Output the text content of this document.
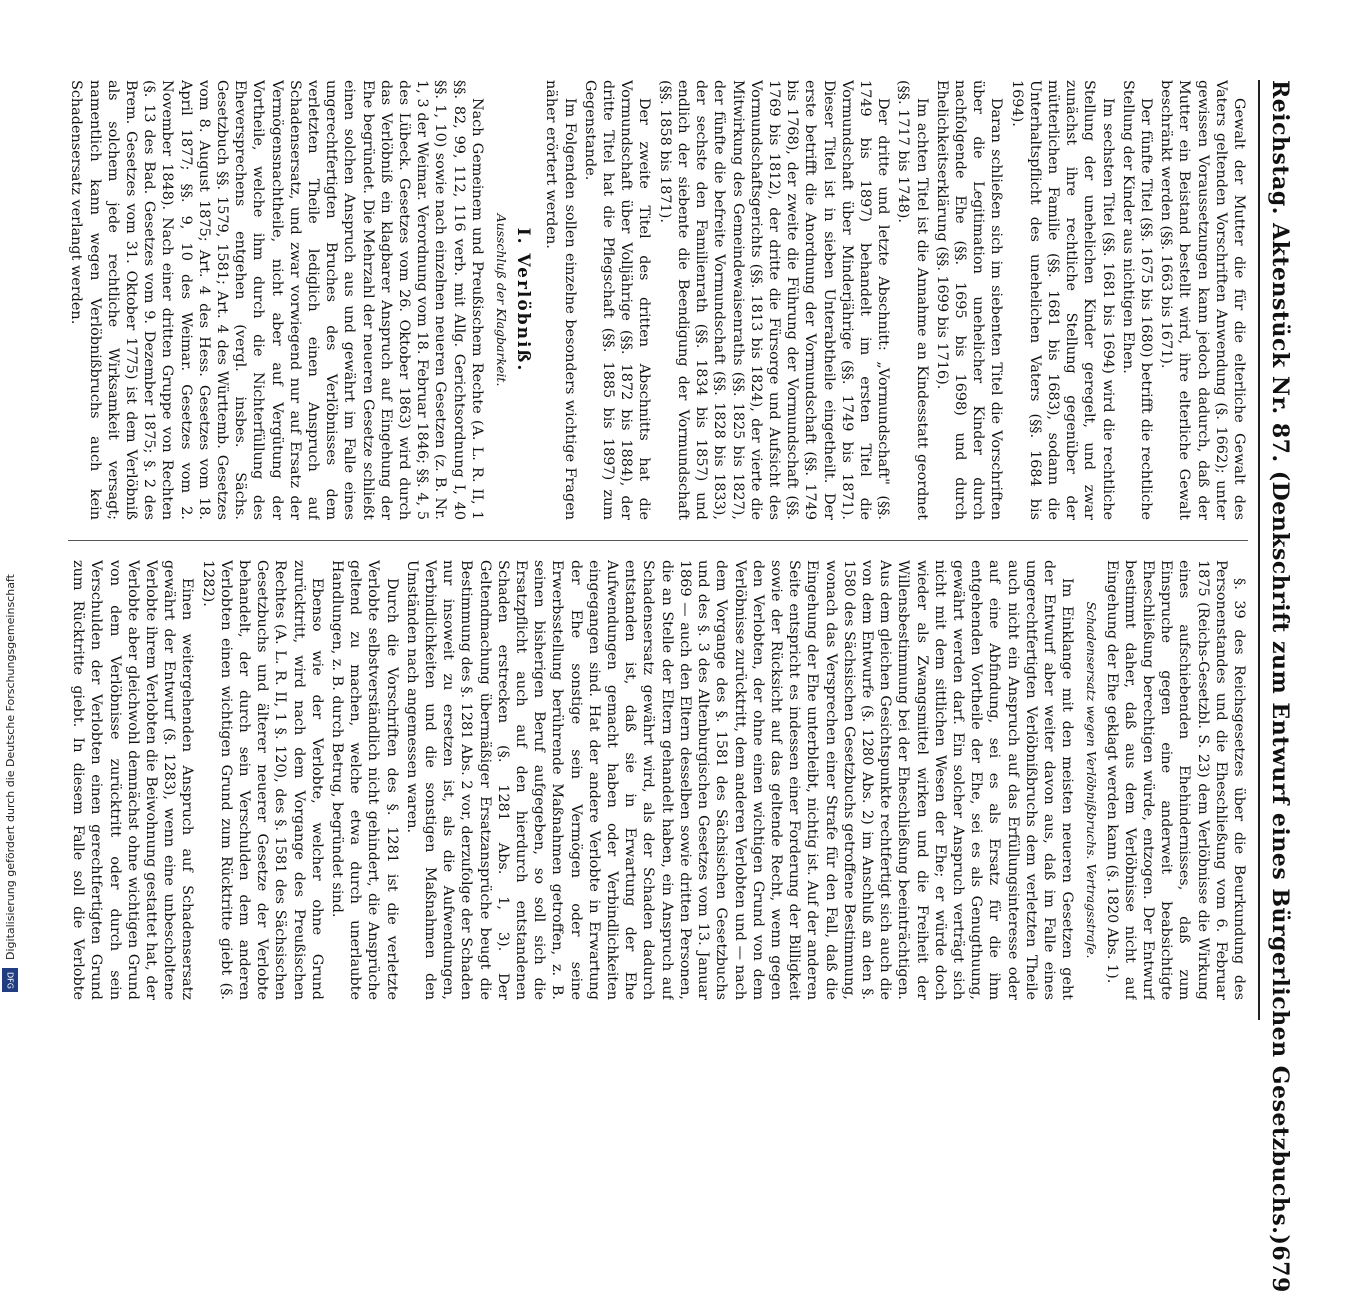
DFG
Digitalisierung gefördert durch die Deutsche Forschungsgemeinschaft	Reichstag. Aktenstück Nr. 87. (Denkschrift zum Entwurf eines Bürgerlichen Gesetzbuchs.)
679

Gewalt der Mutter die für die elterliche Gewalt des Vaters geltenden Vorschriften Anwendung (§. 1662); unter gewissen Voraussetzungen kann jedoch dadurch, daß der Mutter ein Beistand bestellt wird, ihre elterliche Gewalt beschränkt werden (§§. 1663 bis 1671).

Der fünfte Titel (§§. 1675 bis 1680) betrifft die rechtliche Stellung der Kinder aus nichtigen Ehen.

Im sechsten Titel (§§. 1681 bis 1694) wird die rechtliche Stellung der unehelichen Kinder geregelt, und zwar zunächst ihre rechtliche Stellung gegenüber der mütterlichen Familie (§§. 1681 bis 1683), sodann die Unterhaltspflicht des unehelichen Vaters (§§. 1684 bis 1694).

Daran schließen sich im siebenten Titel die Vorschriften über die Legitimation unehelicher Kinder durch nachfolgende Ehe (§§. 1695 bis 1698) und durch Ehelichkeitserklärung (§§. 1699 bis 1716).

Im achten Titel ist die Annahme an Kindesstatt geordnet (§§. 1717 bis 1748).

Der dritte und letzte Abschnitt: „Vormundschaft" (§§. 1749 bis 1897) behandelt im ersten Titel die Vormundschaft über Minderjährige (§§. 1749 bis 1871). Dieser Titel ist in sieben Unterabtheile eingetheilt. Der erste betrifft die Anordnung der Vormundschaft (§§. 1749 bis 1768), der zweite die Führung der Vormundschaft (§§. 1769 bis 1812), der dritte die Fürsorge und Aufsicht des Vormundschaftsgerichts (§§. 1813 bis 1824), der vierte die Mitwirkung des Gemeindewaisenraths (§§. 1825 bis 1827), der fünfte die befreite Vormundschaft (§§. 1828 bis 1833), der sechste den Familienrath (§§. 1834 bis 1857) und endlich der siebente die Beendigung der Vormundschaft (§§. 1858 bis 1871).

Der zweite Titel des dritten Abschnitts hat die Vormundschaft über Volljährige (§§. 1872 bis 1884), der dritte Titel hat die Pflegschaft (§§. 1885 bis 1897) zum Gegenstande.

Im Folgenden sollen einzelne besonders wichtige Fragen näher erörtert werden.

I. Verlöbniß.
Ausschluß der Klagbarkeit.

Nach Gemeinem und Preußischem Rechte (A. L. R. II, 1 §§. 82, 99, 112, 116 verb. mit Allg. Gerichtsordnung I, 40 §§. 1, 10) sowie nach einzelnen neueren Gesetzen (z. B. Nr. 1, 3 der Weimar. Verordnung vom 18. Februar 1846; §§. 4, 5 des Lübeck. Gesetzes vom 26. Oktober 1863) wird durch das Verlöbniß ein klagbarer Anspruch auf Eingehung der Ehe begründet. Die Mehrzahl der neueren Gesetze schließt einen solchen Anspruch aus und gewährt im Falle eines ungerechtfertigten Bruches des Verlöbnisses dem verletzten Theile lediglich einen Anspruch auf Schadensersatz, und zwar vorwiegend nur auf Ersatz der Vermögensnachtheile, nicht aber auf Vergütung der Vortheile, welche ihm durch die Nichterfüllung des Eheversprechens entgehen (vergl. insbes. Sächs. Gesetzbuch §§. 1579, 1581; Art. 4 des Württemb. Gesetzes vom 8. August 1875; Art. 4 des Hess. Gesetzes vom 18. April 1877; §§. 9, 10 des Weimar. Gesetzes vom 2. November 1848). Nach einer dritten Gruppe von Rechten (§. 13 des Bad. Gesetzes vom 9. Dezember 1875; §. 2 des Brem. Gesetzes vom 31. Oktober 1775) ist dem Verlöbniß als solchem jede rechtliche Wirksamkeit versagt; namentlich kann wegen Verlöbnißbruchs auch kein Schadensersatz verlangt werden.

§. 39 des Reichsgesetzes über die Beurkundung des Personenstandes und die Eheschließung vom 6. Februar 1875 (Reichs-Gesetzbl. S. 23) dem Verlöbnisse die Wirkung eines aufschiebenden Ehehindernisses, daß zum Einspruche gegen eine anderweit beabsichtigte Eheschließung berechtigen würde, entzogen. Der Entwurf bestimmt daher, daß aus dem Verlöbnisse nicht auf Eingehung der Ehe geklagt werden kann (§. 1820 Abs. 1).

Schadensersatz wegen Verlöbnißbruchs. Vertragsstrafe.

Im Einklange mit den meisten neueren Gesetzen geht der Entwurf aber weiter davon aus, daß im Falle eines ungerechtfertigten Verlöbnißbruchs dem verletzten Theile auch nicht ein Anspruch auf das Erfüllungsinteresse oder auf eine Abfindung, sei es als Ersatz für die ihm entgehenden Vortheile der Ehe, sei es als Genugthuung, gewährt werden darf. Ein solcher Anspruch verträgt sich nicht mit dem sittlichen Wesen der Ehe; er würde doch wieder als Zwangsmittel wirken und die Freiheit der Willensbestimmung bei der Eheschließung beeinträchtigen. Aus dem gleichen Gesichtspunkte rechtfertigt sich auch die von dem Entwurfe (§. 1280 Abs. 2) im Anschluß an den §. 1580 des Sächsischen Gesetzbuchs getroffene Bestimmung, wonach das Versprechen einer Strafe für den Fall, daß die Eingehung der Ehe unterbleibt, nichtig ist. Auf der anderen Seite entspricht es indessen einer Forderung der Billigkeit sowie der Rücksicht auf das geltende Recht, wenn gegen den Verlobten, der ohne einen wichtigen Grund von dem Verlöbnisse zurücktritt, dem anderen Verlobten und — nach dem Vorgange des §. 1581 des Sächsischen Gesetzbuchs und des §. 3 des Altenburgischen Gesetzes vom 13. Januar 1869 — auch den Eltern desselben sowie dritten Personen, die an Stelle der Eltern gehandelt haben, ein Anspruch auf Schadensersatz gewährt wird, als der Schaden dadurch entstanden ist, daß sie in Erwartung der Ehe Aufwendungen gemacht haben oder Verbindlichkeiten eingegangen sind. Hat der andere Verlobte in Erwartung der Ehe sonstige sein Vermögen oder seine Erwerbsstellung berührende Maßnahmen getroffen, z. B. seinen bisherigen Beruf aufgegeben, so soll sich die Ersatzpflicht auch auf den hierdurch entstandenen Schaden erstrecken (§. 1281 Abs. 1, 3). Der Geltendmachung übermäßiger Ersatzansprüche beugt die Bestimmung des §. 1281 Abs. 2 vor, derzufolge der Schaden nur insoweit zu ersetzen ist, als die Aufwendungen, Verbindlichkeiten und die sonstigen Maßnahmen den Umständen nach angemessen waren.

Durch die Vorschriften des §. 1281 ist die verletzte Verlobte selbstverständlich nicht gehindert, die Ansprüche geltend zu machen, welche etwa durch unerlaubte Handlungen, z. B. durch Betrug, begründet sind.

Ebenso wie der Verlobte, welcher ohne Grund zurücktritt, wird nach dem Vorgange des Preußischen Rechtes (A. L. R. II, 1 §. 120), des §. 1581 des Sächsischen Gesetzbuchs und älterer neuerer Gesetze der Verlobte behandelt, der durch sein Verschulden dem anderen Verlobten einen wichtigen Grund zum Rücktritte giebt (§. 1282).

Einen weitergehenden Anspruch auf Schadensersatz gewährt der Entwurf (§. 1283), wenn eine unbescholtene Verlobte ihrem Verlobten die Beiwohnung gestattet hat, der Verlobte aber gleichwohl demnächst ohne wichtigen Grund von dem Verlöbnisse zurücktritt oder durch sein Verschulden der Verlobten einen gerechtfertigten Grund zum Rücktritte giebt. In diesem Falle soll die Verlobte
